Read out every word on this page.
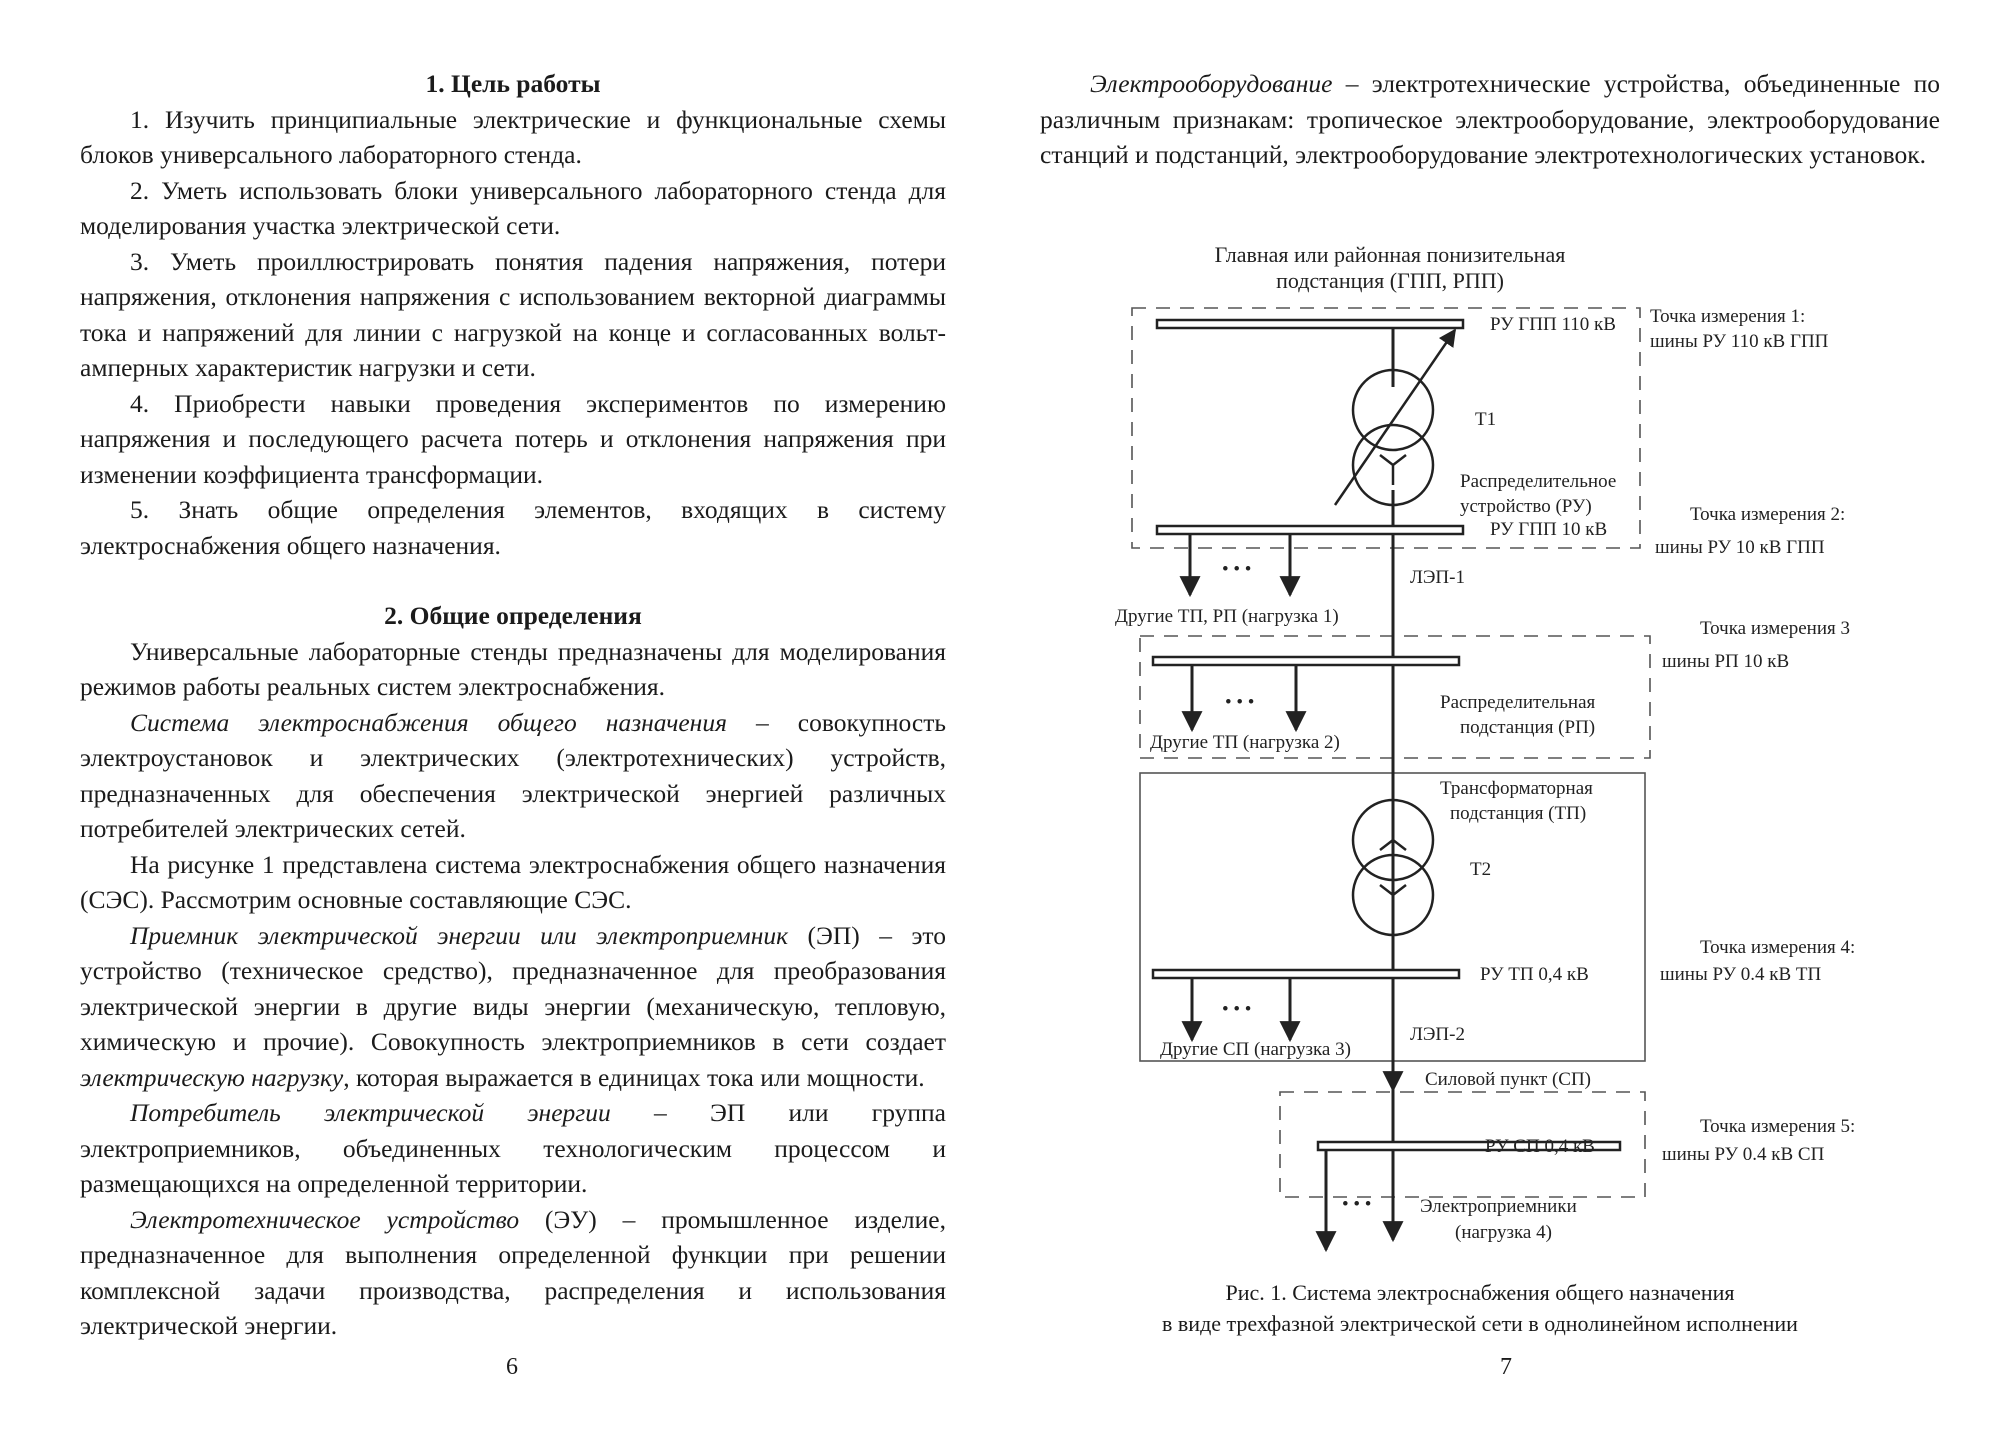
1. Цель работы

1. Изучить принципиальные электрические и функциональные схемы блоков универсального лабораторного стенда.

2. Уметь использовать блоки универсального лабораторного стенда для моделирования участка электрической сети.

3. Уметь проиллюстрировать понятия падения напряжения, потери напряжения, отклонения напряжения с использованием векторной диаграммы тока и напряжений для линии с нагрузкой на конце и согласованных вольт-амперных характеристик нагрузки и сети.

4. Приобрести навыки проведения экспериментов по измерению напряжения и последующего расчета потерь и отклонения напряжения при изменении коэффициента трансформации.

5. Знать общие определения элементов, входящих в систему электроснабжения общего назначения.

2. Общие определения

Универсальные лабораторные стенды предназначены для моделирования режимов работы реальных систем электроснабжения.

Система электроснабжения общего назначения – совокупность электроустановок и электрических (электротехнических) устройств, предназначенных для обеспечения электрической энергией различных потребителей электрических сетей.

На рисунке 1 представлена система электроснабжения общего назначения (СЭС). Рассмотрим основные составляющие СЭС.

Приемник электрической энергии или электроприемник (ЭП) – это устройство (техническое средство), предназначенное для преобразования электрической энергии в другие виды энергии (механическую, тепловую, химическую и прочие). Совокупность электроприемников в сети создает электрическую нагрузку, которая выражается в единицах тока или мощности.

Потребитель электрической энергии – ЭП или группа электроприемников, объединенных технологическим процессом и размещающихся на определенной территории.

Электротехническое устройство (ЭУ) – промышленное изделие, предназначенное для выполнения определенной функции при решении комплексной задачи производства, распределения и использования электрической энергии.

6

Электрооборудование – электротехнические устройства, объединенные по различным признакам: тропическое электрооборудование, электрооборудование станций и подстанций, электрооборудование электротехнологических установок.

Главная или районная понизительная
подстанция (ГПП, РПП)
РУ ГПП 110 кВ
Т1
Распределительное
устройство (РУ)
РУ ГПП 10 кВ
• • •	ЛЭП-1
Другие ТП, РП (нагрузка 1)
• • •	Распределительная
подстанция (РП)
Другие ТП (нагрузка 2)
Трансформаторная
подстанция (ТП)
Т2
РУ ТП 0,4 кВ
• • •
ЛЭП-2
Другие СП (нагрузка 3)
Силовой пункт (СП)
РУ СП 0,4 кВ
• • •	Электроприемники
(нагрузка 4)
Точка измерения 1:
шины РУ 110 кВ ГПП
Точка измерения 2:
шины РУ 10 кВ ГПП
Точка измерения 3
шины РП 10 кВ
Точка измерения 4:
шины РУ 0.4 кВ ТП
Точка измерения 5:
шины РУ 0.4 кВ СП
Рис. 1. Система электроснабжения общего назначения
в виде трехфазной электрической сети в однолинейном исполнении
7
